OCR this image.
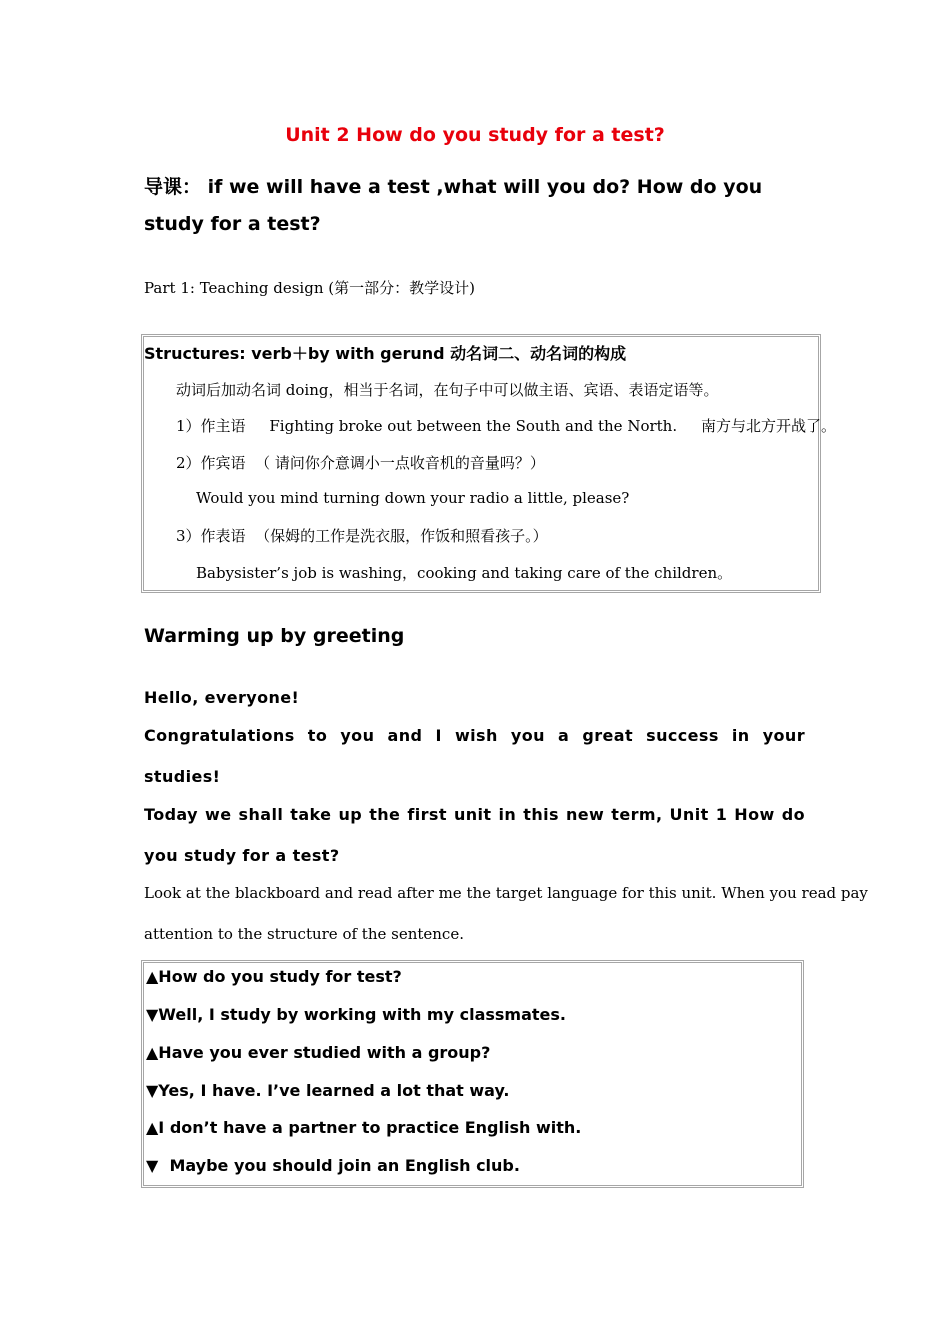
Unit 2 How do you study for a test?
导课： if we will have a test ,what will you do? How do you
study for a test?
Part 1: Teaching design (第一部分：教学设计)
Structures: verb＋by with gerund 动名词二、动名词的构成
动词后加动名词 doing，相当于名词，在句子中可以做主语、宾语、表语定语等。
1）作主语     Fighting broke out between the South and the North.     南方与北方开战了。
2）作宾语  （ 请问你介意调小一点收音机的音量吗？）
Would you mind turning down your radio a little, please?
3）作表语  （保姆的工作是洗衣服，作饭和照看孩子。）
Babysister’s job is washing，cooking and taking care of the children。
Warming up by greeting
Hello, everyone!
Congratulations to you and I wish you a great success in your
studies!
Today we shall take up the first unit in this new term, Unit 1 How do
you study for a test?
Look at the blackboard and read after me the target language for this unit. When you read pay
attention to the structure of the sentence.
▲How do you study for test?
▼Well, I study by working with my classmates.
▲Have you ever studied with a group?
▼Yes, I have. I’ve learned a lot that way.
▲I don’t have a partner to practice English with.
▼  Maybe you should join an English club.
